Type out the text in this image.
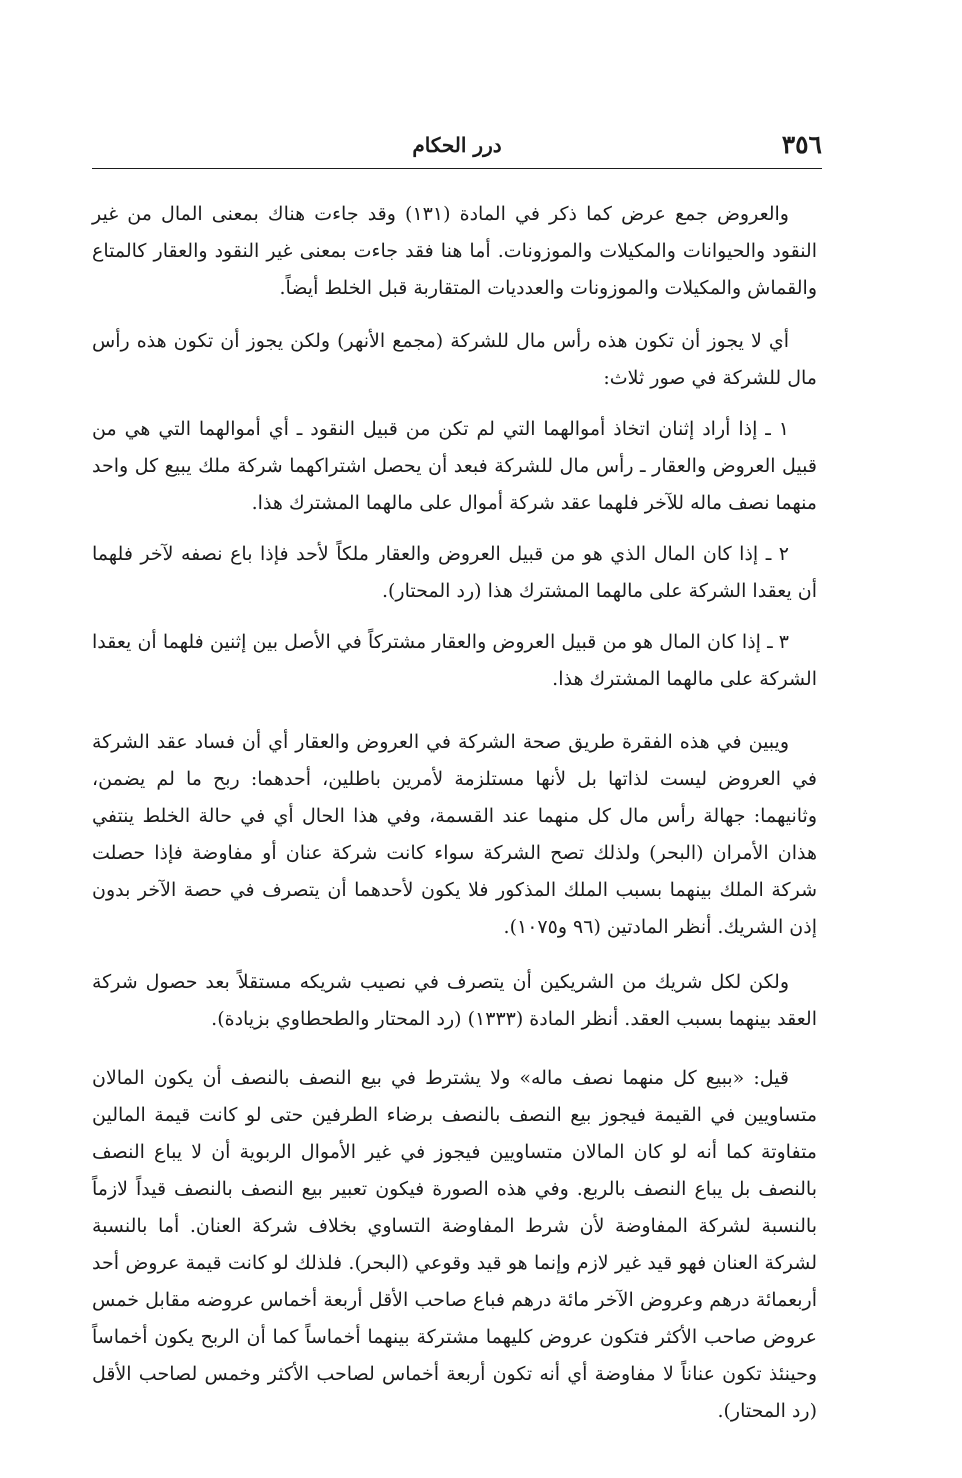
٣٥٦
درر الحكام

والعروض جمع عرض كما ذكر في المادة (١٣١) وقد جاءت هناك بمعنى المال من غير النقود والحيوانات والمكيلات والموزونات. أما هنا فقد جاءت بمعنى غير النقود والعقار كالمتاع والقماش والمكيلات والموزونات والعدديات المتقاربة قبل الخلط أيضاً.

أي لا يجوز أن تكون هذه رأس مال للشركة (مجمع الأنهر) ولكن يجوز أن تكون هذه رأس مال للشركة في صور ثلاث:

١ ـ إذا أراد إثنان اتخاذ أموالهما التي لم تكن من قبيل النقود ـ أي أموالهما التي هي من قبيل العروض والعقار ـ رأس مال للشركة فبعد أن يحصل اشتراكهما شركة ملك يبيع كل واحد منهما نصف ماله للآخر فلهما عقد شركة أموال على مالهما المشترك هذا.

٢ ـ إذا كان المال الذي هو من قبيل العروض والعقار ملكاً لأحد فإذا باع نصفه لآخر فلهما أن يعقدا الشركة على مالهما المشترك هذا (رد المحتار).

٣ ـ إذا كان المال هو من قبيل العروض والعقار مشتركاً في الأصل بين إثنين فلهما أن يعقدا الشركة على مالهما المشترك هذا.

ويبين في هذه الفقرة طريق صحة الشركة في العروض والعقار أي أن فساد عقد الشركة في العروض ليست لذاتها بل لأنها مستلزمة لأمرين باطلين، أحدهما: ربح ما لم يضمن، وثانيهما: جهالة رأس مال كل منهما عند القسمة، وفي هذا الحال أي في حالة الخلط ينتفي هذان الأمران (البحر) ولذلك تصح الشركة سواء كانت شركة عنان أو مفاوضة فإذا حصلت شركة الملك بينهما بسبب الملك المذكور فلا يكون لأحدهما أن يتصرف في حصة الآخر بدون إذن الشريك. أنظر المادتين (٩٦ و١٠٧٥).

ولكن لكل شريك من الشريكين أن يتصرف في نصيب شريكه مستقلاً بعد حصول شركة العقد بينهما بسبب العقد. أنظر المادة (١٣٣٣) (رد المحتار والطحطاوي بزيادة).

قيل: «ببيع كل منهما نصف ماله» ولا يشترط في بيع النصف بالنصف أن يكون المالان متساويين في القيمة فيجوز بيع النصف بالنصف برضاء الطرفين حتى لو كانت قيمة المالين متفاوتة كما أنه لو كان المالان متساويين فيجوز في غير الأموال الربوية أن لا يباع النصف بالنصف بل يباع النصف بالربع. وفي هذه الصورة فيكون تعبير بيع النصف بالنصف قيداً لازماً بالنسبة لشركة المفاوضة لأن شرط المفاوضة التساوي بخلاف شركة العنان. أما بالنسبة لشركة العنان فهو قيد غير لازم وإنما هو قيد وقوعي (البحر). فلذلك لو كانت قيمة عروض أحد أربعمائة درهم وعروض الآخر مائة درهم فباع صاحب الأقل أربعة أخماس عروضه مقابل خمس عروض صاحب الأكثر فتكون عروض كليهما مشتركة بينهما أخماساً كما أن الربح يكون أخماساً وحينئذ تكون عناناً لا مفاوضة أي أنه تكون أربعة أخماس لصاحب الأكثر وخمس لصاحب الأقل (رد المحتار).
